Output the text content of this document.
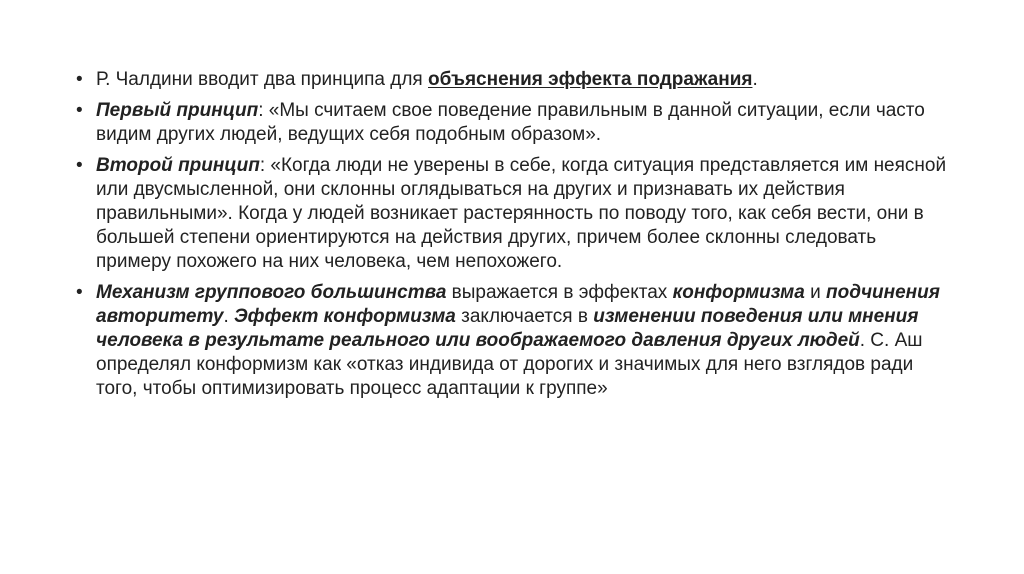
• Р. Чалдини вводит два принципа для объяснения эффекта подражания.
• Первый принцип: «Мы считаем свое поведение правильным в данной ситуации, если часто видим других людей, ведущих себя подобным образом».
• Второй принцип: «Когда люди не уверены в себе, когда ситуация представляется им неясной или двусмысленной, они склонны оглядываться на других и признавать их действия правильными». Когда у людей возникает растерянность по поводу того, как себя вести, они в большей степени ориентируются на действия других, причем более склонны следовать примеру похожего на них человека, чем непохожего.
• Механизм группового большинства выражается в эффектах конформизма и подчинения авторитету. Эффект конформизма заключается в изменении поведения или мнения человека в результате реального или воображаемого давления других людей. С. Аш определял конформизм как «отказ индивида от дорогих и значимых для него взглядов ради того, чтобы оптимизировать процесс адаптации к группе»
